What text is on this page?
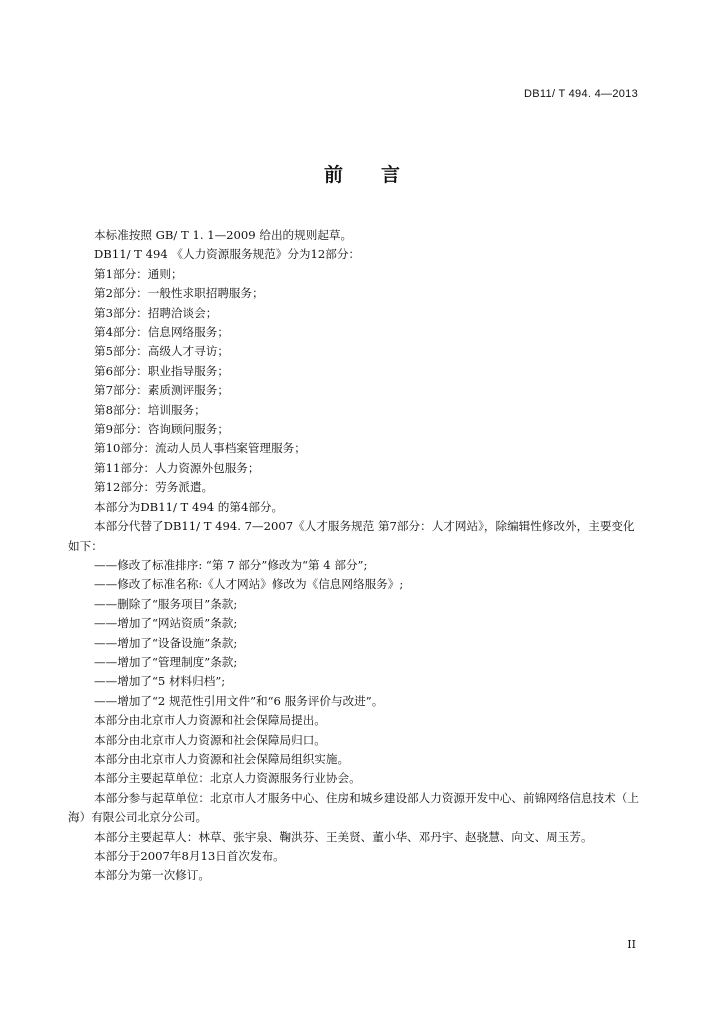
DB11/ T 494. 4—2013
前言

本标准按照 GB/ T 1. 1—2009 给出的规则起草。

DB11/ T 494 《人力资源服务规范》分为12部分：

第1部分：通则；

第2部分：一般性求职招聘服务；

第3部分：招聘洽谈会；

第4部分：信息网络服务；

第5部分：高级人才寻访；

第6部分：职业指导服务；

第7部分：素质测评服务；

第8部分：培训服务；

第9部分：咨询顾问服务；

第10部分：流动人员人事档案管理服务；

第11部分：人力资源外包服务；

第12部分：劳务派遣。

本部分为DB11/ T 494 的第4部分。

本部分代替了DB11/ T 494. 7—2007《人才服务规范 第7部分：人才网站》，除编辑性修改外，主要变化如下：

——修改了标准排序: “第 7 部分”修改为“第 4 部分”;

——修改了标准名称:《人才网站》修改为《信息网络服务》;

——删除了“服务项目”条款;

——增加了“网站资质”条款;

——增加了“设备设施”条款;

——增加了“管理制度”条款;

——增加了“5 材料归档”;

——增加了“2 规范性引用文件”和“6 服务评价与改进”。

本部分由北京市人力资源和社会保障局提出。

本部分由北京市人力资源和社会保障局归口。

本部分由北京市人力资源和社会保障局组织实施。

本部分主要起草单位：北京人力资源服务行业协会。

本部分参与起草单位：北京市人才服务中心、住房和城乡建设部人力资源开发中心、前锦网络信息技术（上海）有限公司北京分公司。

本部分主要起草人：林草、张宇泉、鞠洪芬、王美贤、董小华、邓丹宇、赵骁慧、向文、周玉芳。

本部分于2007年8月13日首次发布。

本部分为第一次修订。

II
